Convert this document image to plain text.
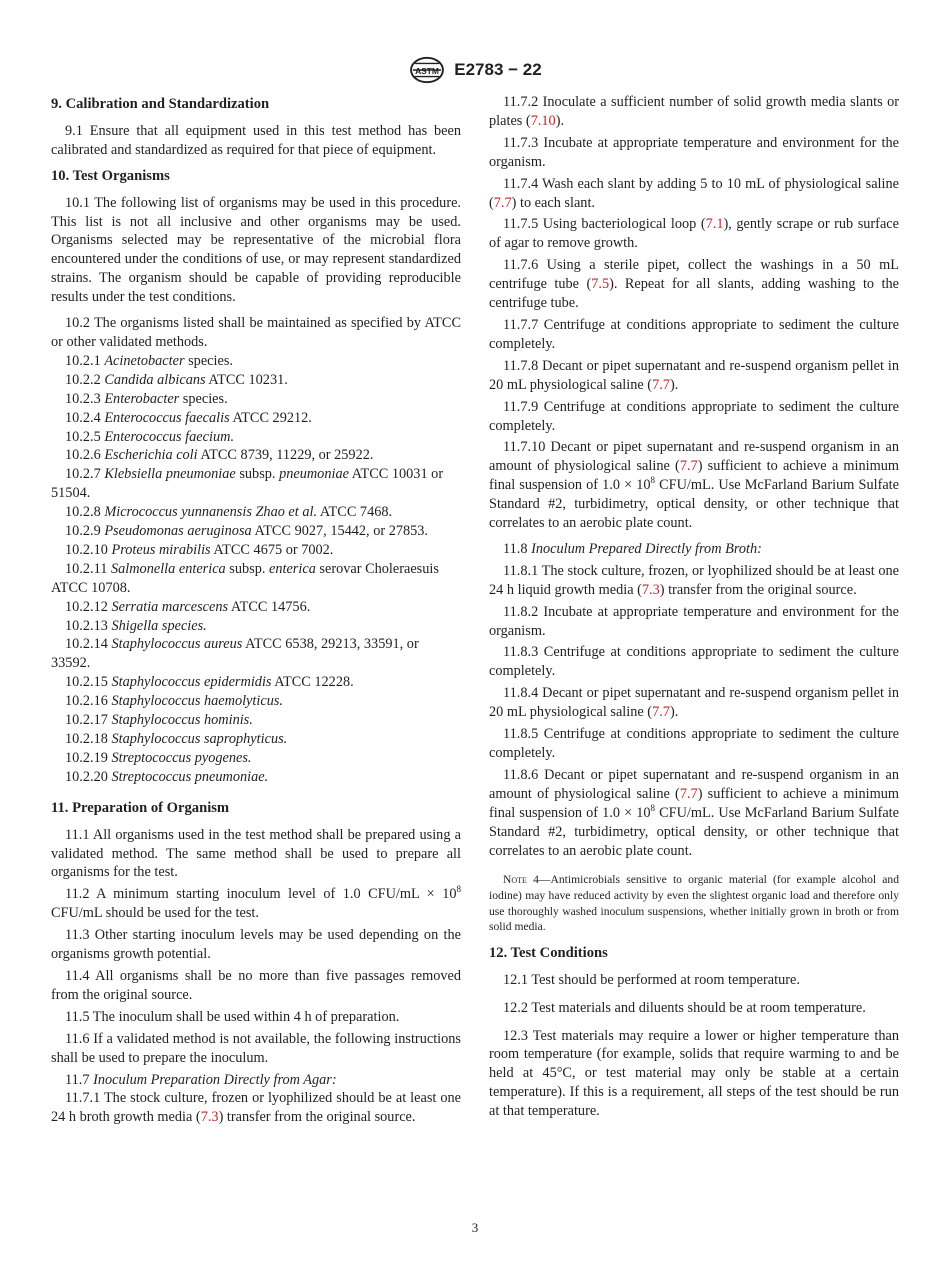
ASTM E2783 − 22
9. Calibration and Standardization
9.1 Ensure that all equipment used in this test method has been calibrated and standardized as required for that piece of equipment.
10. Test Organisms
10.1 The following list of organisms may be used in this procedure. This list is not all inclusive and other organisms may be used. Organisms selected may be representative of the microbial flora encountered under the conditions of use, or may represent standardized strains. The organism should be capable of providing reproducible results under the test conditions.
10.2 The organisms listed shall be maintained as specified by ATCC or other validated methods.
10.2.1 Acinetobacter species.
10.2.2 Candida albicans ATCC 10231.
10.2.3 Enterobacter species.
10.2.4 Enterococcus faecalis ATCC 29212.
10.2.5 Enterococcus faecium.
10.2.6 Escherichia coli ATCC 8739, 11229, or 25922.
10.2.7 Klebsiella pneumoniae subsp. pneumoniae ATCC 10031 or 51504.
10.2.8 Micrococcus yunnanensis Zhao et al. ATCC 7468.
10.2.9 Pseudomonas aeruginosa ATCC 9027, 15442, or 27853.
10.2.10 Proteus mirabilis ATCC 4675 or 7002.
10.2.11 Salmonella enterica subsp. enterica serovar Choleraesuis ATCC 10708.
10.2.12 Serratia marcescens ATCC 14756.
10.2.13 Shigella species.
10.2.14 Staphylococcus aureus ATCC 6538, 29213, 33591, or 33592.
10.2.15 Staphylococcus epidermidis ATCC 12228.
10.2.16 Staphylococcus haemolyticus.
10.2.17 Staphylococcus hominis.
10.2.18 Staphylococcus saprophyticus.
10.2.19 Streptococcus pyogenes.
10.2.20 Streptococcus pneumoniae.
11. Preparation of Organism
11.1 All organisms used in the test method shall be prepared using a validated method. The same method shall be used to prepare all organisms for the test.
11.2 A minimum starting inoculum level of 1.0 $CFU/mL \times 10^8$ CFU/mL should be used for the test.
11.3 Other starting inoculum levels may be used depending on the organisms growth potential.
11.4 All organisms shall be no more than five passages removed from the original source.
11.5 The inoculum shall be used within 4 h of preparation.
11.6 If a validated method is not available, the following instructions shall be used to prepare the inoculum.
11.7 Inoculum Preparation Directly from Agar:
11.7.1 The stock culture, frozen or lyophilized should be at least one 24 h broth growth media (7.3) transfer from the original source.
11.7.2 Inoculate a sufficient number of solid growth media slants or plates (7.10).
11.7.3 Incubate at appropriate temperature and environment for the organism.
11.7.4 Wash each slant by adding 5 to 10 mL of physiological saline (7.7) to each slant.
11.7.5 Using bacteriological loop (7.1), gently scrape or rub surface of agar to remove growth.
11.7.6 Using a sterile pipet, collect the washings in a 50 mL centrifuge tube (7.5). Repeat for all slants, adding washing to the centrifuge tube.
11.7.7 Centrifuge at conditions appropriate to sediment the culture completely.
11.7.8 Decant or pipet supernatant and re-suspend organism pellet in 20 mL physiological saline (7.7).
11.7.9 Centrifuge at conditions appropriate to sediment the culture completely.
11.7.10 Decant or pipet supernatant and re-suspend organism in an amount of physiological saline (7.7) sufficient to achieve a minimum final suspension of $1.0 \times 10^8$ CFU/mL. Use McFarland Barium Sulfate Standard #2, turbidimetry, optical density, or other technique that correlates to an aerobic plate count.
11.8 Inoculum Prepared Directly from Broth:
11.8.1 The stock culture, frozen, or lyophilized should be at least one 24 h liquid growth media (7.3) transfer from the original source.
11.8.2 Incubate at appropriate temperature and environment for the organism.
11.8.3 Centrifuge at conditions appropriate to sediment the culture completely.
11.8.4 Decant or pipet supernatant and re-suspend organism pellet in 20 mL physiological saline (7.7).
11.8.5 Centrifuge at conditions appropriate to sediment the culture completely.
11.8.6 Decant or pipet supernatant and re-suspend organism in an amount of physiological saline (7.7) sufficient to achieve a minimum final suspension of $1.0 \times 10^8$ CFU/mL. Use McFarland Barium Sulfate Standard #2, turbidimetry, optical density, or other technique that correlates to an aerobic plate count.
Note 4—Antimicrobials sensitive to organic material (for example alcohol and iodine) may have reduced activity by even the slightest organic load and therefore only use thoroughly washed inoculum suspensions, whether initially grown in broth or from solid media.
12. Test Conditions
12.1 Test should be performed at room temperature.
12.2 Test materials and diluents should be at room temperature.
12.3 Test materials may require a lower or higher temperature than room temperature (for example, solids that require warming to and be held at 45°C, or test material may only be stable at a certain temperature). If this is a requirement, all steps of the test should be run at that temperature.
3
